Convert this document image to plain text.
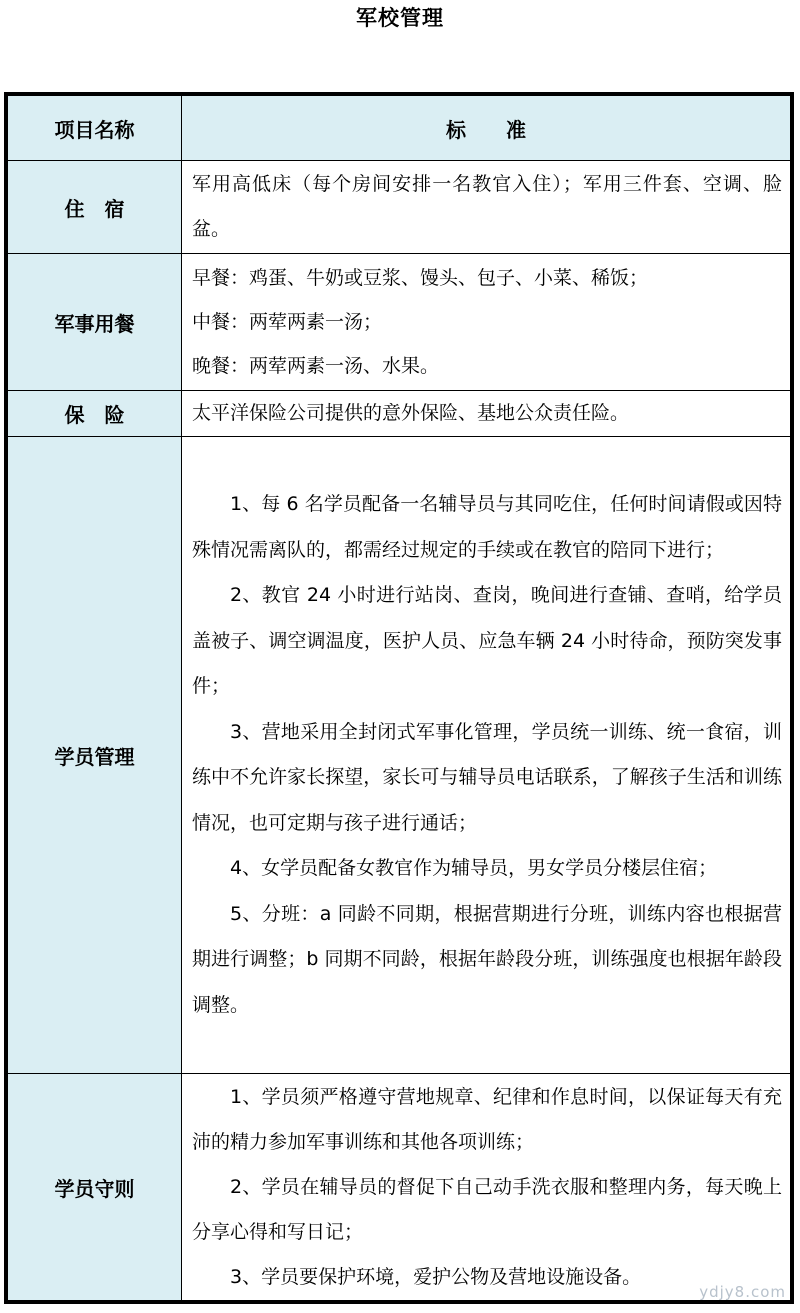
军校管理
项目名称	标　　准
住　宿	军用高低床（每个房间安排一名教官入住）；军用三件套、空调、脸盆。

军事用餐	早餐：鸡蛋、牛奶或豆浆、馒头、包子、小菜、稀饭；

中餐：两荤两素一汤；

晚餐：两荤两素一汤、水果。

保　险	太平洋保险公司提供的意外保险、基地公众责任险。

学员管理	1、每 6 名学员配备一名辅导员与其同吃住，任何时间请假或因特殊情况需离队的，都需经过规定的手续或在教官的陪同下进行；

2、教官 24 小时进行站岗、查岗，晚间进行查铺、查哨，给学员盖被子、调空调温度，医护人员、应急车辆 24 小时待命，预防突发事件；

3、营地采用全封闭式军事化管理，学员统一训练、统一食宿，训练中不允许家长探望，家长可与辅导员电话联系，了解孩子生活和训练情况，也可定期与孩子进行通话；

4、女学员配备女教官作为辅导员，男女学员分楼层住宿；

5、分班：a 同龄不同期，根据营期进行分班，训练内容也根据营期进行调整；b 同期不同龄，根据年龄段分班，训练强度也根据年龄段调整。

学员守则	1、学员须严格遵守营地规章、纪律和作息时间，以保证每天有充沛的精力参加军事训练和其他各项训练；

2、学员在辅导员的督促下自己动手洗衣服和整理内务，每天晚上分享心得和写日记；

3、学员要保护环境，爱护公物及营地设施设备。

ydjy8.com
